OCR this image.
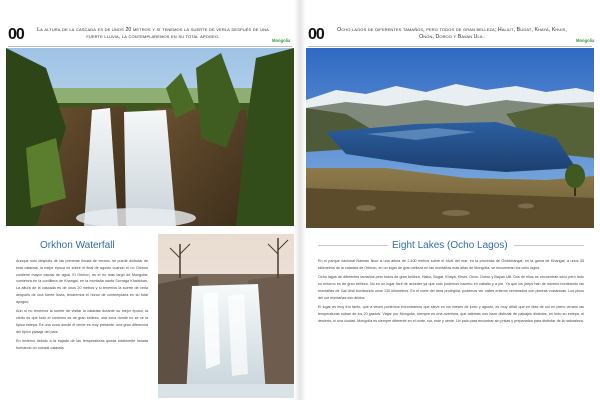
00	La altura de la cascada es de unos 20 metros y sí tenemos la suerte de verla después de una fuerte lluvia, la contemplaremos en su total apogeo.
Mongolia
Orkhon Waterfall

Aunque solo después de las primeras lluvias de verano, se puede disfrutar de esta catarata, la mejor época es sobre el final de agosto cuando el río Orkhon contiene mayor caudal de agua. El Orkhon, es el río más largo de Mongolia; comienza en la cordillera de Khangai, en la montaña santa Suvraga Khairkhan. La altura de la cascada es de unos 20 metros y si tenemos la suerte de verla después de una fuerte lluvia, tendremos el honor de contemplarla en su total apogeo.

Aún si no tenemos la suerte de visitar la catarata durante su mejor época, la cierto es que todo el contorno es de gran belleza, una zona donde no se ve la típica estepa. Es una zona donde el verde es muy presente, una gran diferencia del típico paisaje del país.

En invierno debido a la bajada de las temperaturas queda totalmente helada formando un colosal catarata.

00	Ocho lagos de diferentes tamaños, pero todos de gran belleza; Haliut, Bugat, Khaya, Khuis, Onon, Doroo y Bavan Ulil.
Mongolia
Eight Lakes (Ocho Lagos)

En el parque nacional Naiman Nuur a una altura de 2.400 metros sobre el nivel del mar, en la provincia de Övörkhangai, en la gama de Khangai, a unos 35 kilómetros de la catarata de Orkhon, en un lugar de gran belleza en las montañas más altas de Mongolia, se encuentran los ocho lagos.

Ocho lagos de diferentes tamaños pero todos de gran belleza, Haliut, Bugat, Khaya, Khuis, Onon, Doroo y Bayan Ulil. Dos de ellos se encuentran seco pero todo su entorno es de gran belleza. No es un lugar fácil de acceder ya que solo podemos hacerlo en caballo y a pie. Ya que los jeeps han de haverlo bordeando las montañas de Gal Utsil bordeando unos 130 kilómetros. En el norte del área protegida, podemos ver valles enteros cembrados con piedras volcánicas. Los picos del sur montañas son áridos.

El lugar es muy frío tanto, que a veces podemos encontramos que sieve en los meses de junio y agosto, es muy difícil que en días de sol en pleno verano las temperaturas suban de los 20 grados. Viajar por Mongolia, siempre es una aventura, que además nos hace disfrutar de paisajes distintos, en todo su extepa, el desierto, ni una ciudad. Mongolia es siempre diferente en el norte, sur, este y oeste. Un país para encontrar sin prisas y preparados para disfrutar de la naturaleza.
